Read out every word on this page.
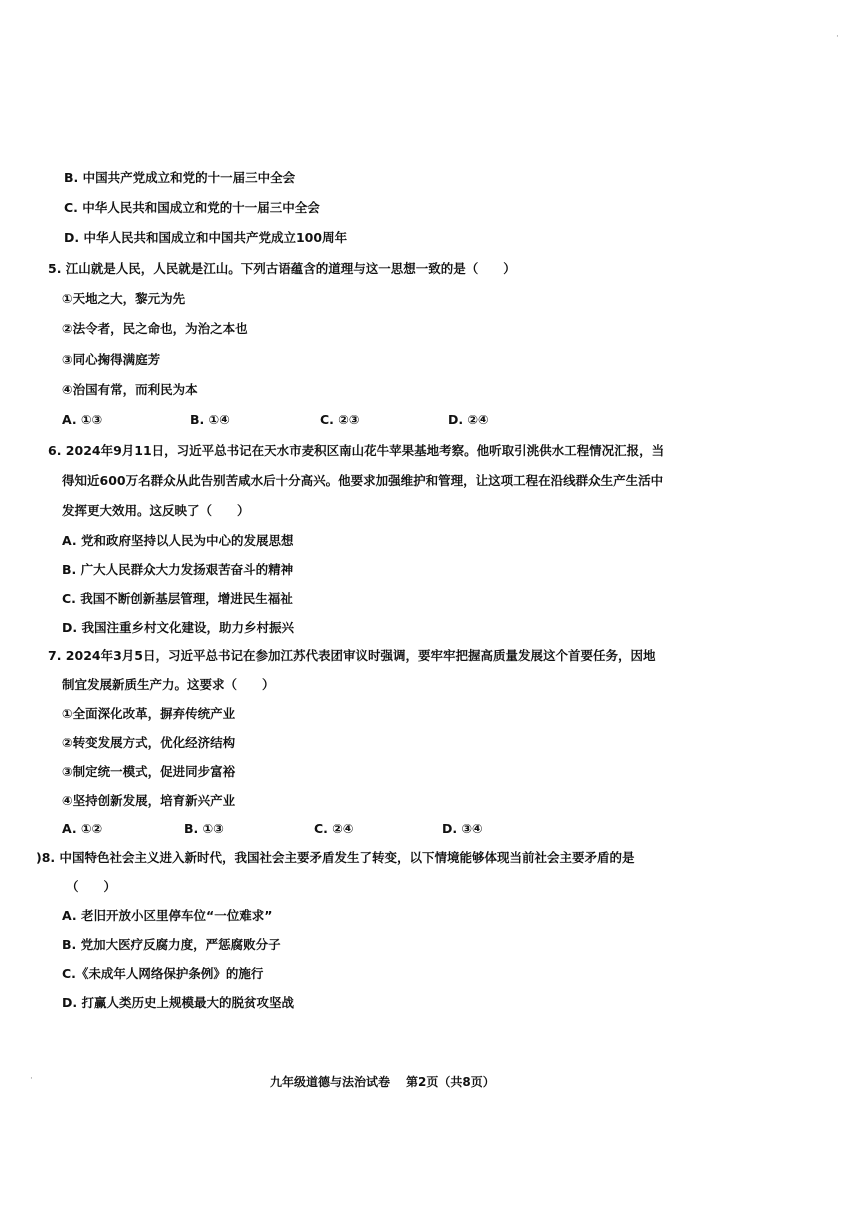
B. 中国共产党成立和党的十一届三中全会
C. 中华人民共和国成立和党的十一届三中全会
D. 中华人民共和国成立和中国共产党成立100周年
5. 江山就是人民，人民就是江山。下列古语蕴含的道理与这一思想一致的是（　　）
①天地之大，黎元为先
②法令者，民之命也，为治之本也
③同心掬得满庭芳
④治国有常，而利民为本
A. ①③	B. ①④	C. ②③	D. ②④
6. 2024年9月11日，习近平总书记在天水市麦积区南山花牛苹果基地考察。他听取引洮供水工程情况汇报，当
得知近600万名群众从此告别苦咸水后十分高兴。他要求加强维护和管理，让这项工程在沿线群众生产生活中
发挥更大效用。这反映了（　　）
A. 党和政府坚持以人民为中心的发展思想
B. 广大人民群众大力发扬艰苦奋斗的精神
C. 我国不断创新基层管理，增进民生福祉
D. 我国注重乡村文化建设，助力乡村振兴
7. 2024年3月5日，习近平总书记在参加江苏代表团审议时强调，要牢牢把握高质量发展这个首要任务，因地
制宜发展新质生产力。这要求（　　）
①全面深化改革，摒弃传统产业
②转变发展方式，优化经济结构
③制定统一模式，促进同步富裕
④坚持创新发展，培育新兴产业
A. ①②	B. ①③	C. ②④	D. ③④
)8. 中国特色社会主义进入新时代，我国社会主要矛盾发生了转变，以下情境能够体现当前社会主要矛盾的是
（　　）
A. 老旧开放小区里停车位“一位难求”
B. 党加大医疗反腐力度，严惩腐败分子
C.《未成年人网络保护条例》的施行
D. 打赢人类历史上规模最大的脱贫攻坚战
九年级道德与法治试卷 第2页（共8页）
·
·
